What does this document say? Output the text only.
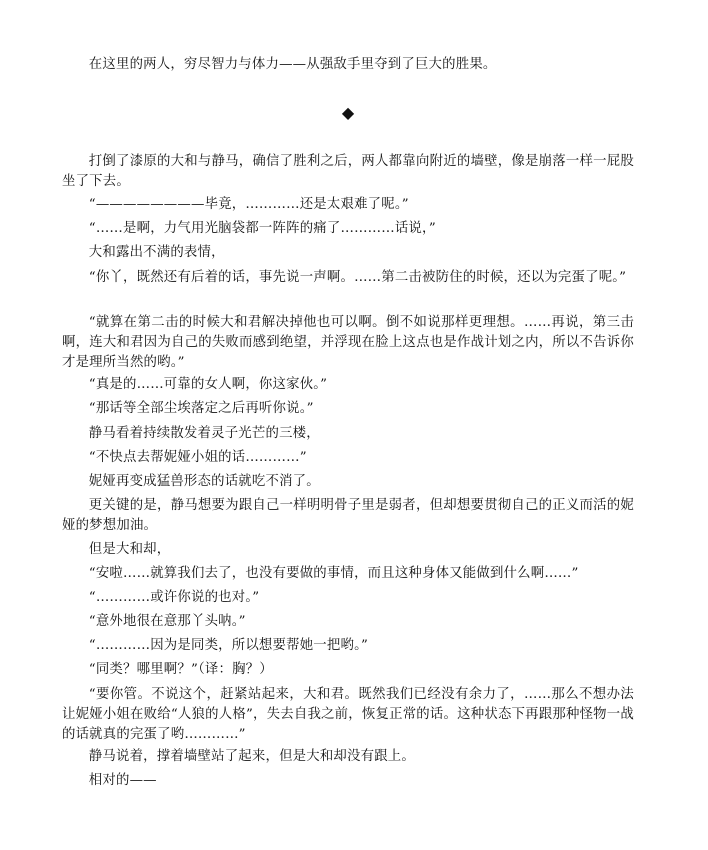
在这里的两人，穷尽智力与体力——从强敌手里夺到了巨大的胜果。

◆

打倒了漆原的大和与静马，确信了胜利之后，两人都靠向附近的墙壁，像是崩落一样一屁股坐了下去。

“————————毕竟，…………还是太艰难了呢。”

“……是啊，力气用光脑袋都一阵阵的痛了…………话说，”

大和露出不满的表情，

“你丫，既然还有后着的话，事先说一声啊。……第二击被防住的时候，还以为完蛋了呢。”

“就算在第二击的时候大和君解决掉他也可以啊。倒不如说那样更理想。……再说，第三击啊，连大和君因为自己的失败而感到绝望，并浮现在脸上这点也是作战计划之内，所以不告诉你才是理所当然的哟。”

“真是的……可靠的女人啊，你这家伙。”

“那话等全部尘埃落定之后再听你说。”

静马看着持续散发着灵子光芒的三楼，

“不快点去帮妮娅小姐的话…………”

妮娅再变成猛兽形态的话就吃不消了。

更关键的是，静马想要为跟自己一样明明骨子里是弱者，但却想要贯彻自己的正义而活的妮娅的梦想加油。

但是大和却，

“安啦……就算我们去了，也没有要做的事情，而且这种身体又能做到什么啊……”

“…………或许你说的也对。”

“意外地很在意那丫头呐。”

“…………因为是同类，所以想要帮她一把哟。”

“同类？哪里啊？”（译：胸？）

“要你管。不说这个，赶紧站起来，大和君。既然我们已经没有余力了，……那么不想办法让妮娅小姐在败给“人狼的人格”，失去自我之前，恢复正常的话。这种状态下再跟那种怪物一战的话就真的完蛋了哟…………”

静马说着，撑着墙壁站了起来，但是大和却没有跟上。

相对的——
